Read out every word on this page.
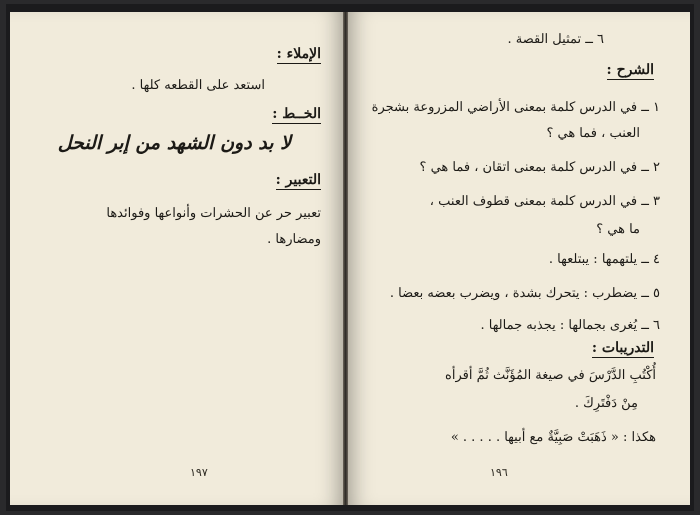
الإملاء :
استعد على القطعه كلها .
الخــط :
لا بد دون الشهد من إبر النحل
التعبير :
تعبير حر عن الحشرات وأنواعها وفوائدها
ومضارها .
١٩٧
٦ ــ تمثيل القصة .
الشرح :
١ ــ في الدرس كلمة بمعنى الأراضي المزروعة بشجرة
العنب ، فما هي ؟
٢ ــ في الدرس كلمة بمعنى اتقان ، فما هي ؟
٣ ــ في الدرس كلمة بمعنى قطوف العنب ،
ما هي ؟
٤ ــ يلتهمها : يبتلعها .
٥ ــ يضطرب : يتحرك بشدة ، ويضرب بعضه بعضا .
٦ ــ يُغرى بجمالها : يجذبه جمالها .
التدريبات :
أُكْتُبِ الدَّرْسَ في صيغة المُؤَنَّث ثُمَّ أقرأه
مِنْ دَفْتَرِكَ .
هكذا : « ذَهَبَتْ صَبِيَّةٌ مع أبيها . . . . . »
١٩٦
